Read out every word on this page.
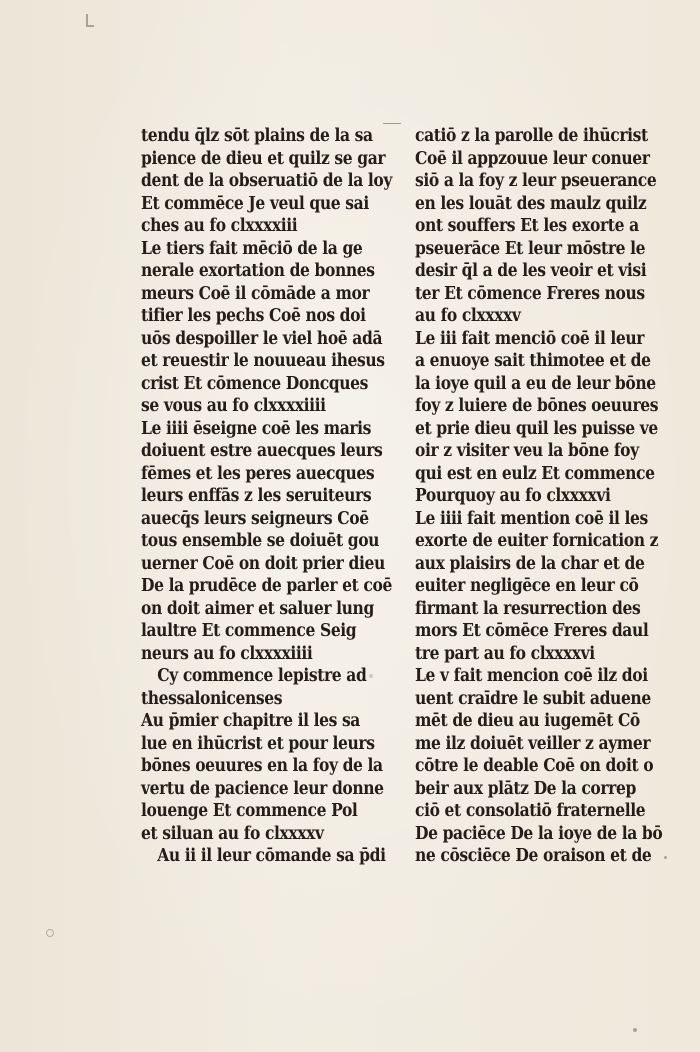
tendu q̄lz sōt plains de la sa
pience de dieu et quilz se gar
dent de la obseruatiō de la loy
Et commēce Je veul que sai
ches au fo clxxxxiii
Le tiers fait mēciō de la ge
nerale exortation de bonnes
meurs Coē il cōmāde a mor
tifier les pechs Coē nos doi
uōs despoiller le viel hoē adā
et reuestir le nouueau ihesus
crist Et cōmence Doncques
se vous au fo clxxxxiiii
Le iiii ēseigne coē les maris
doiuent estre auecques leurs
fēmes et les peres auecques
leurs enffās z les seruiteurs
auecq̄s leurs seigneurs Coē
tous ensemble se doiuēt gou
uerner Coē on doit prier dieu
De la prudēce de parler et coē
on doit aimer et saluer lung
laultre Et commence Seig
neurs au fo clxxxxiiii
Cy commence lepistre ad
thessalonicenses
Au p̄mier chapitre il les sa
lue en ihūcrist et pour leurs
bōnes oeuures en la foy de la
vertu de pacience leur donne
louenge Et commence Pol
et siluan au fo clxxxxv
Au ii il leur cōmande sa p̄di
catiō z la parolle de ihūcrist
Coē il appzouue leur conuer
siō a la foy z leur pseuerance
en les louāt des maulz quilz
ont souffers Et les exorte a
pseuerāce Et leur mōstre le
desir q̄l a de les veoir et visi
ter Et cōmence Freres nous
au fo clxxxxv
Le iii fait menciō coē il leur
a enuoye sait thimotee et de
la ioye quil a eu de leur bōne
foy z luiere de bōnes oeuures
et prie dieu quil les puisse ve
oir z visiter veu la bōne foy
qui est en eulz Et commence
Pourquoy au fo clxxxxvi
Le iiii fait mention coē il les
exorte de euiter fornication z
aux plaisirs de la char et de
euiter negligēce en leur cō
firmant la resurrection des
mors Et cōmēce Freres daul
tre part au fo clxxxxvi
Le v fait mencion coē ilz doi
uent craīdre le subit aduene
mēt de dieu au iugemēt Cō
me ilz doiuēt veiller z aymer
cōtre le deable Coē on doit o
beir aux plātz De la correp
ciō et consolatiō fraternelle
De paciēce De la ioye de la bō
ne cōsciēce De oraison et de
